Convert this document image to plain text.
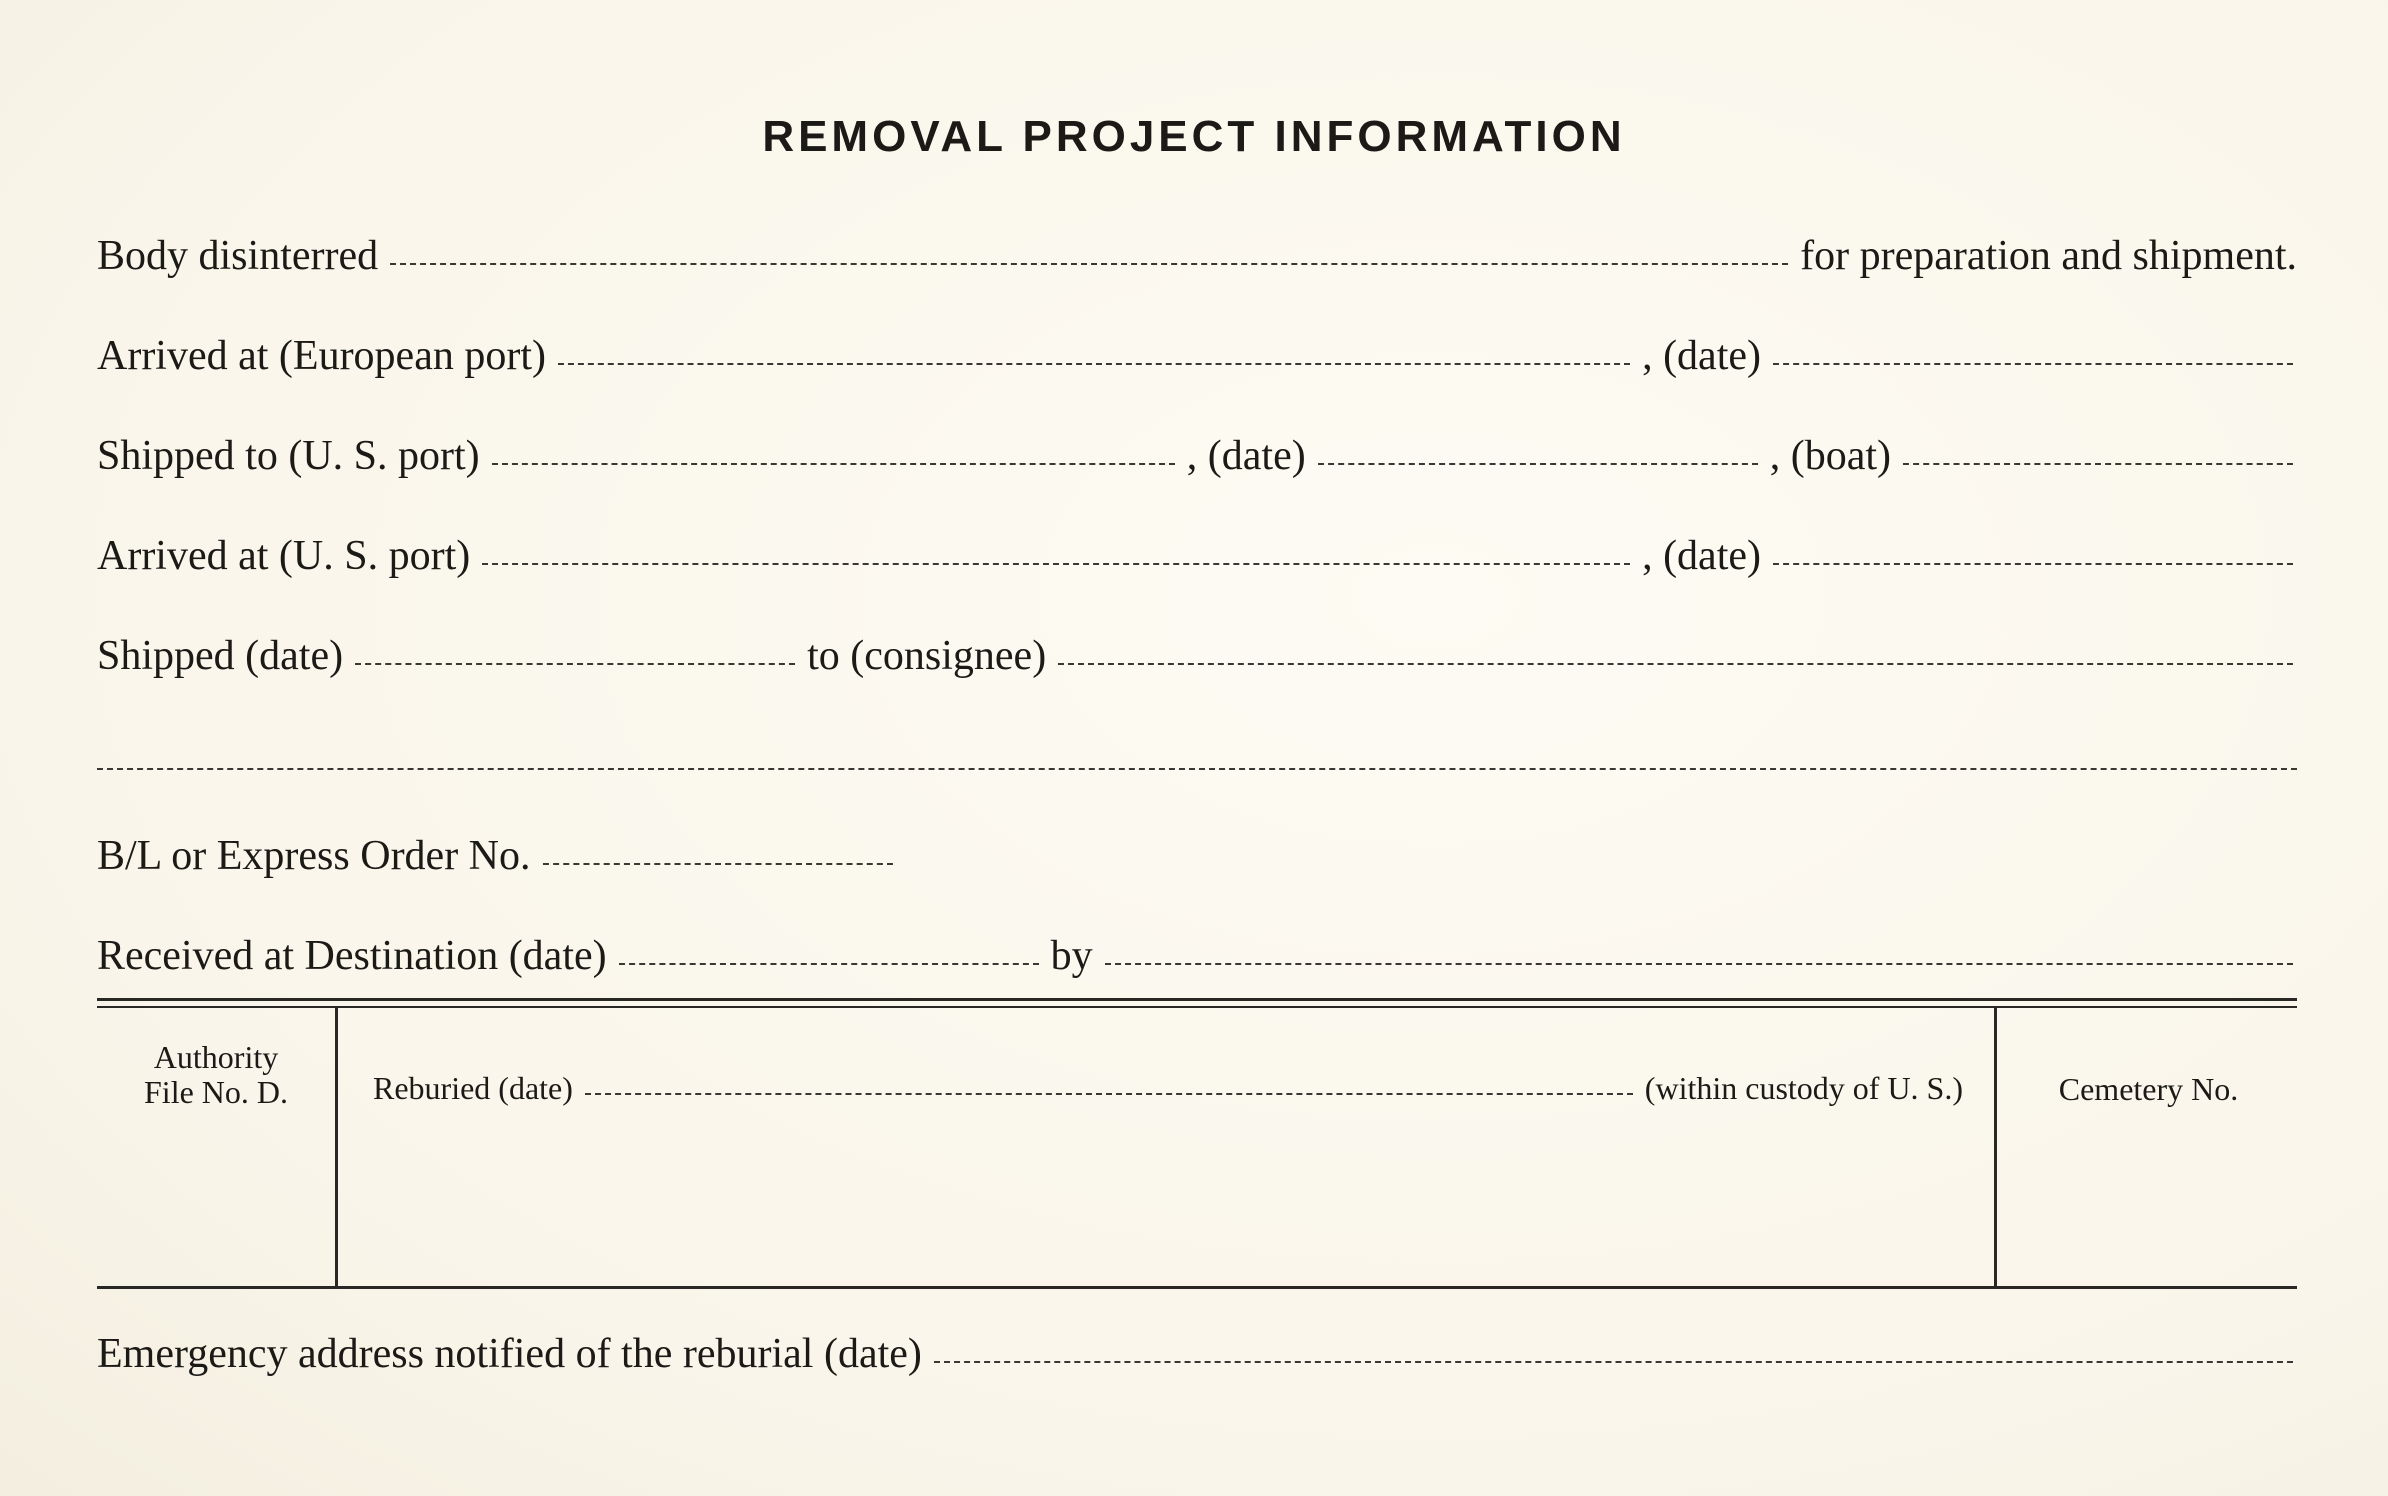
REMOVAL PROJECT INFORMATION
Body disinterred	for preparation and shipment.
Arrived at (European port)	, (date)
Shipped to (U. S. port)	, (date)	, (boat)
Arrived at (U. S. port)	, (date)
Shipped (date)	to (consignee)
B/L or Express Order No.
Received at Destination (date)	by
Authority
File No. D.	Reburied (date)	(within custody of U. S.)	Cemetery No.
Emergency address notified of the reburial (date)
